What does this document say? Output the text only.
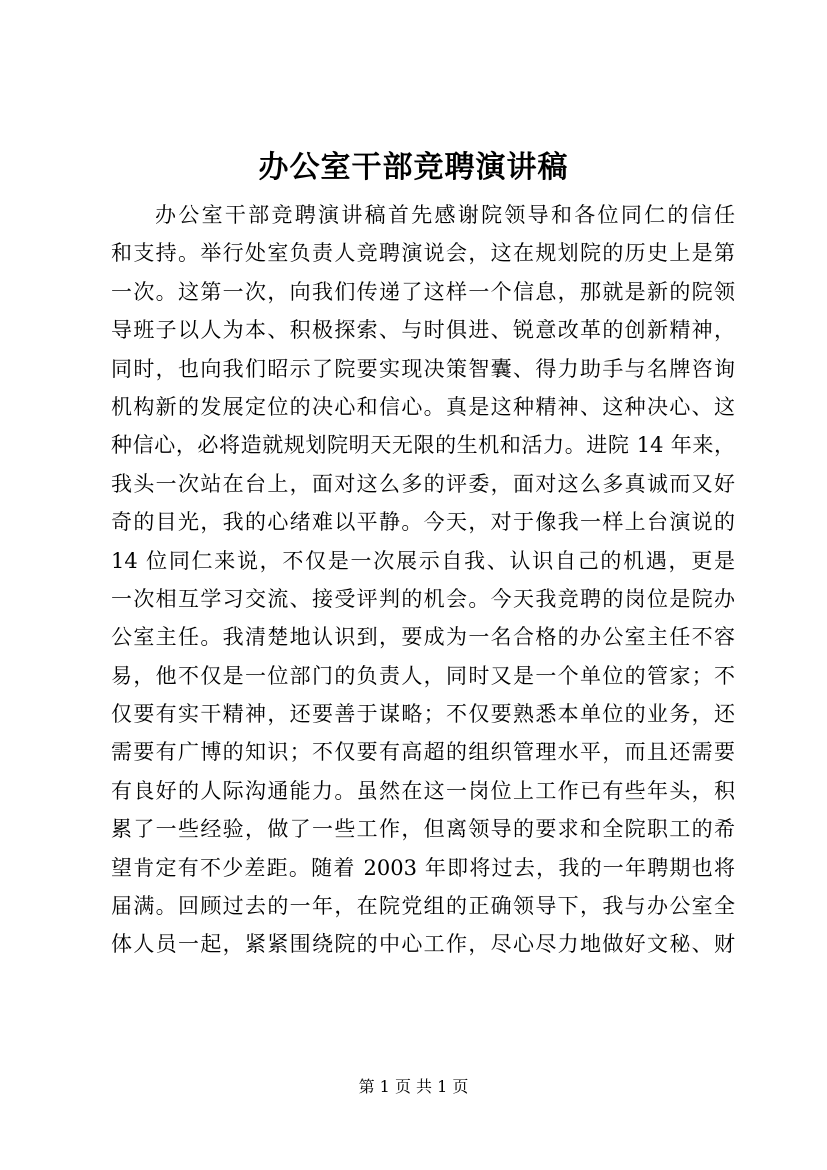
办公室干部竞聘演讲稿
办公室干部竞聘演讲稿首先感谢院领导和各位同仁的信任
和支持。举行处室负责人竞聘演说会，这在规划院的历史上是第
一次。这第一次，向我们传递了这样一个信息，那就是新的院领
导班子以人为本、积极探索、与时俱进、锐意改革的创新精神，
同时，也向我们昭示了院要实现决策智囊、得力助手与名牌咨询
机构新的发展定位的决心和信心。真是这种精神、这种决心、这
种信心，必将造就规划院明天无限的生机和活力。进院 14 年来，
我头一次站在台上，面对这么多的评委，面对这么多真诚而又好
奇的目光，我的心绪难以平静。今天，对于像我一样上台演说的
14 位同仁来说，不仅是一次展示自我、认识自己的机遇，更是
一次相互学习交流、接受评判的机会。今天我竞聘的岗位是院办
公室主任。我清楚地认识到，要成为一名合格的办公室主任不容
易，他不仅是一位部门的负责人，同时又是一个单位的管家；不
仅要有实干精神，还要善于谋略；不仅要熟悉本单位的业务，还
需要有广博的知识；不仅要有高超的组织管理水平，而且还需要
有良好的人际沟通能力。虽然在这一岗位上工作已有些年头，积
累了一些经验，做了一些工作，但离领导的要求和全院职工的希
望肯定有不少差距。随着 2003 年即将过去，我的一年聘期也将
届满。回顾过去的一年，在院党组的正确领导下，我与办公室全
体人员一起，紧紧围绕院的中心工作，尽心尽力地做好文秘、财
第 1 页 共 1 页
